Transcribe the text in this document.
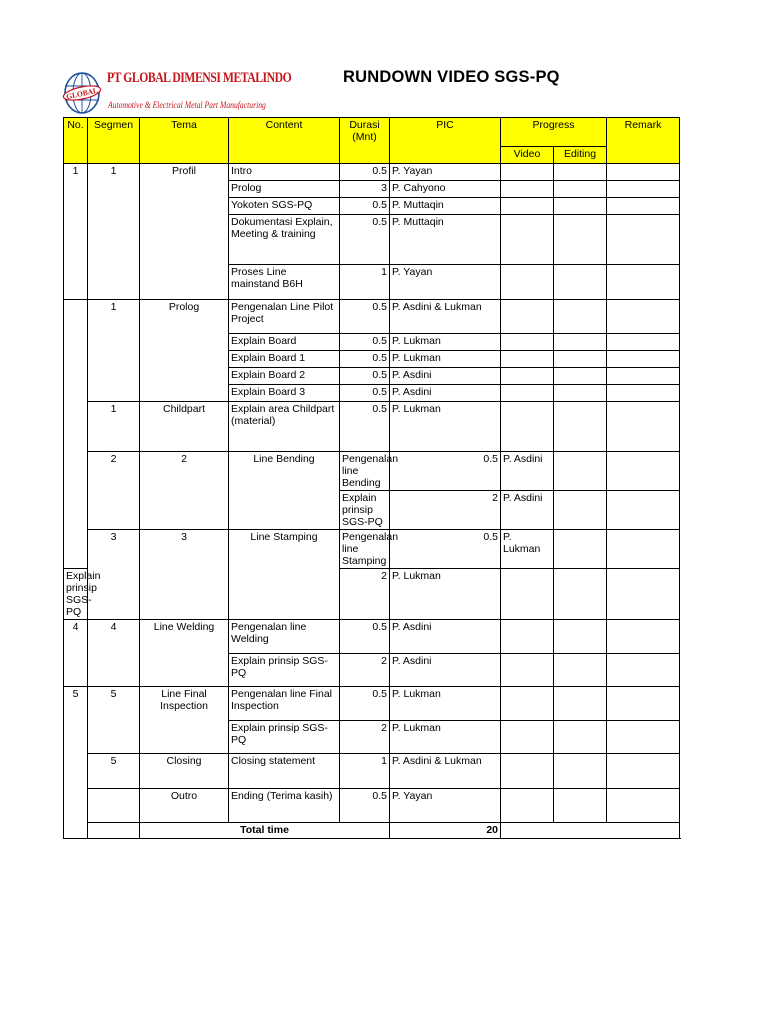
GLOBAL
PT GLOBAL DIMENSI METALINDO
Automotive & Electrical Metal Part Manufacturing
RUNDOWN VIDEO SGS-PQ
No.	Segmen	Tema	Content	Durasi (Mnt)	PIC	Progress		Remark	
						Video	Editing		
1	1	Profil	Intro	0.5	P. Yayan				
			Prolog	3	P. Cahyono				
			Yokoten SGS-PQ	0.5	P. Muttaqin				
			Dokumentasi Explain, Meeting & training	0.5	P. Muttaqin				
			Proses Line mainstand B6H	1	P. Yayan				
	1	Prolog	Pengenalan Line Pilot Project	0.5	P. Asdini & Lukman				
			Explain Board	0.5	P. Lukman				
			Explain Board 1	0.5	P. Lukman				
			Explain Board 2	0.5	P. Asdini				
			Explain Board 3	0.5	P. Asdini				
	1	Childpart	Explain area Childpart (material)	0.5	P. Lukman				
	2	2	Line Bending	Pengenalan line Bending	0.5	P. Asdini			
				Explain prinsip SGS-PQ	2	P. Asdini			
	3	3	Line Stamping	Pengenalan line Stamping	0.5	P. Lukman			
Explain prinsip SGS-PQ				2	P. Lukman				
4	4	Line Welding	Pengenalan line Welding	0.5	P. Asdini				
			Explain prinsip SGS-PQ	2	P. Asdini				
5	5	Line Final Inspection	Pengenalan line Final Inspection	0.5	P. Lukman				
			Explain prinsip SGS-PQ	2	P. Lukman				
	5	Closing	Closing statement	1	P. Asdini & Lukman				
		Outro	Ending (Terima kasih)	0.5	P. Yayan				
		Total time			20				
